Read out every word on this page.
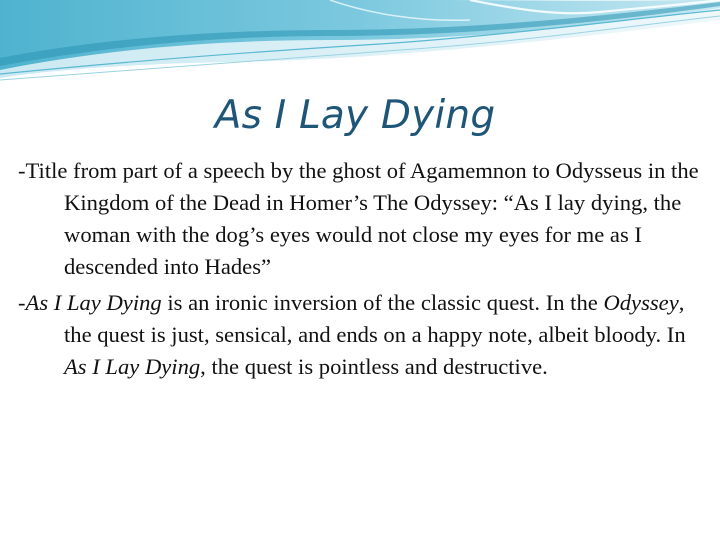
As I Lay Dying

-Title from part of a speech by the ghost of Agamemnon to Odysseus in the Kingdom of the Dead in Homer’s The Odyssey: “As I lay dying, the woman with the dog’s eyes would not close my eyes for me as I descended into Hades”

-As I Lay Dying is an ironic inversion of the classic quest. In the Odyssey, the quest is just, sensical, and ends on a happy note, albeit bloody. In As I Lay Dying, the quest is pointless and destructive.
